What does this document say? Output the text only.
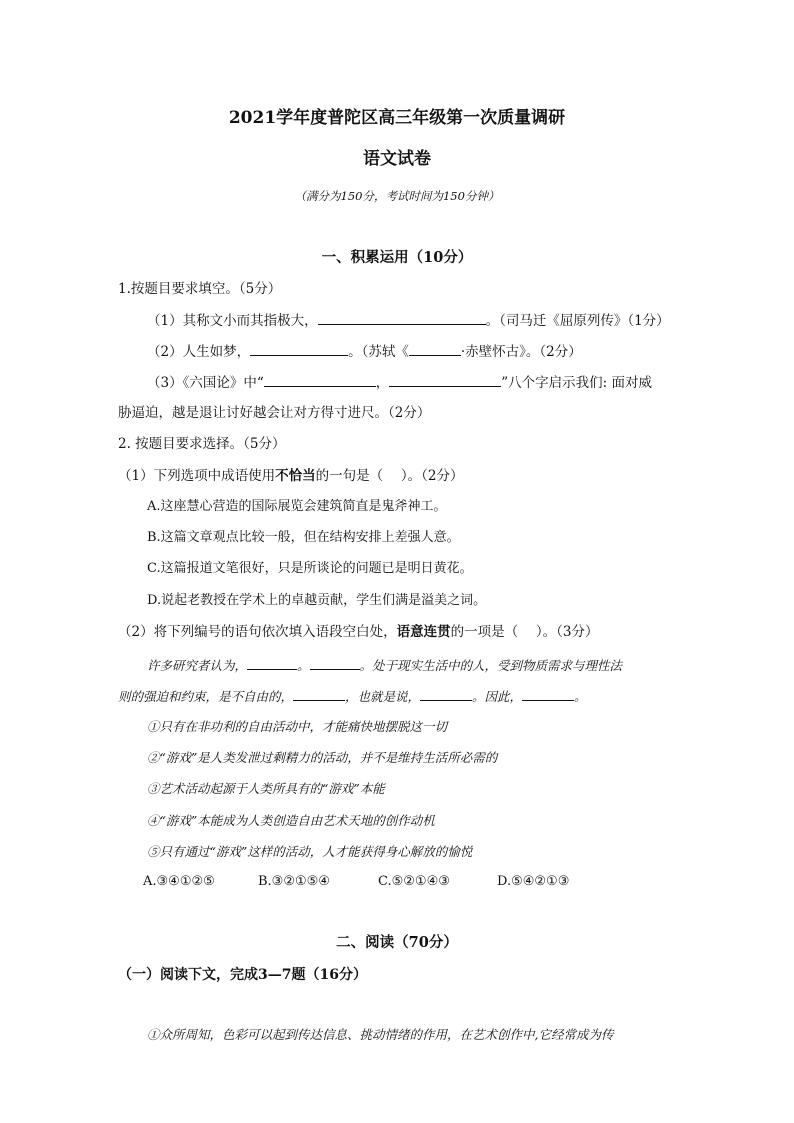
2021学年度普陀区高三年级第一次质量调研
语文试卷
（满分为150分，考试时间为150分钟）
一、积累运用（10分）
1.按题目要求填空。（5分）
（1）其称文小而其指极大，	。（司马迁《屈原列传》（1分）
（2）人生如梦，	。（苏轼《	·赤壁怀古》。（2分）
（3）《六国论》中“	，	”八个字启示我们: 面对威
胁逼迫，越是退让讨好越会让对方得寸进尺。（2分）
2. 按题目要求选择。（5分）
（1）下列选项中成语使用不恰当的一句是（　 ）。（2分）
A.这座慧心营造的国际展览会建筑简直是鬼斧神工。
B.这篇文章观点比较一般，但在结构安排上差强人意。
C.这篇报道文笔很好，只是所谈论的问题已是明日黄花。
D.说起老教授在学术上的卓越贡献，学生们满是溢美之词。
（2）将下列编号的语句依次填入语段空白处，语意连贯的一项是（　 ）。（3分）
许多研究者认为，	。	。处于现实生活中的人，受到物质需求与理性法
则的强迫和约束，是不自由的，	，也就是说，	。因此，	。
①只有在非功利的自由活动中，才能痛快地摆脱这一切
②“游戏”是人类发泄过剩精力的活动，并不是维持生活所必需的
③艺术活动起源于人类所具有的“游戏”本能
④“游戏”本能成为人类创造自由艺术天地的创作动机
⑤只有通过“游戏”这样的活动，人才能获得身心解放的愉悦
A.③④①②⑤	B.③②①⑤④	C.⑤②①④③	D.⑤④②①③
二、阅读（70分）
（一）阅读下文，完成3—7题（16分）
①众所周知，色彩可以起到传达信息、挑动情绪的作用，在艺术创作中,它经常成为传
